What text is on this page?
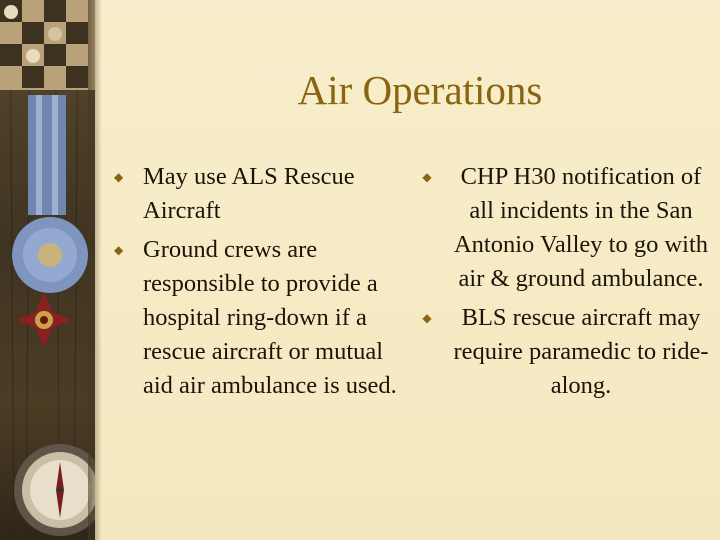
Air Operations
◆ May use ALS Rescue Aircraft
◆ Ground crews are responsible to provide a hospital ring-down if a rescue aircraft or mutual aid air ambulance is used.
◆ CHP H30 notification of all incidents in the San Antonio Valley to go with air & ground ambulance.
◆ BLS rescue aircraft may require paramedic to ride-along.
